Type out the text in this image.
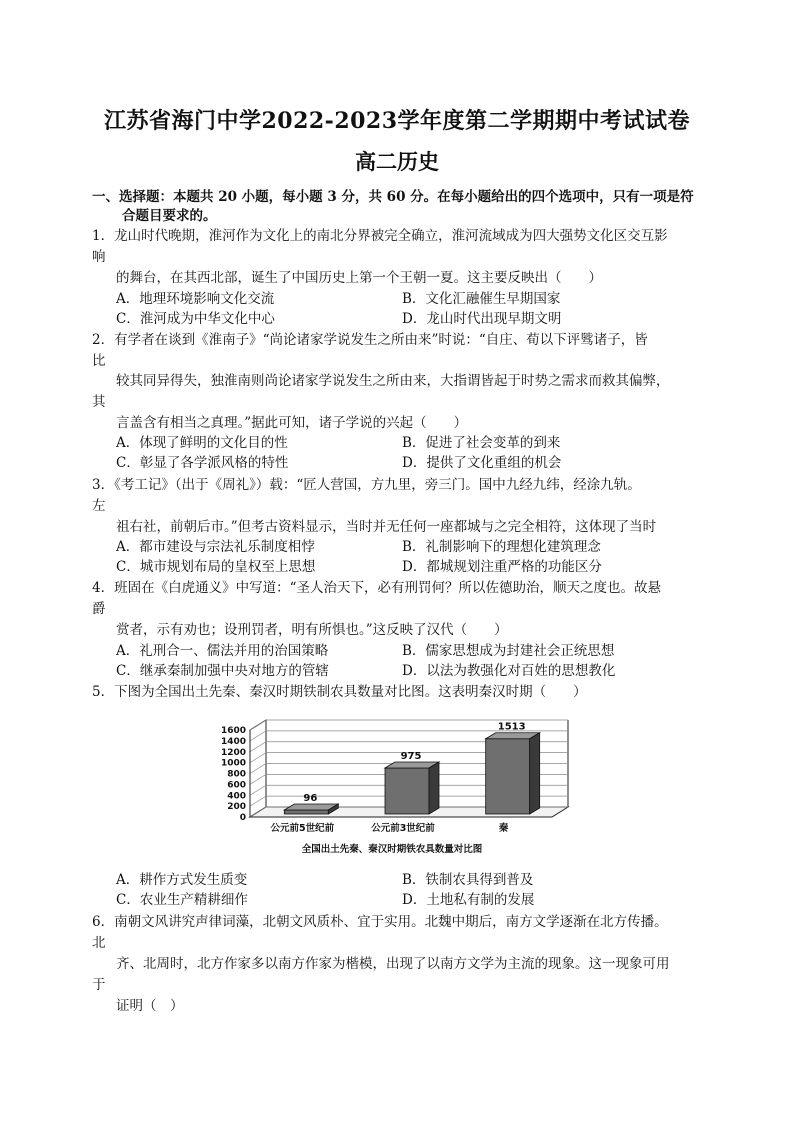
江苏省海门中学2022-2023学年度第二学期期中考试试卷
高二历史
一、选择题：本题共 20 小题，每小题 3 分，共 60 分。在每小题给出的四个选项中，只有一项是符
合题目要求的。
1．龙山时代晚期，淮河作为文化上的南北分界被完全确立，淮河流域成为四大强势文化区交互影
响
的舞台，在其西北部，诞生了中国历史上第一个王朝一夏。这主要反映出（　　）
A．地理环境影响文化交流	B．文化汇融催生早期国家
C．淮河成为中华文化中心	D．龙山时代出现早期文明
2．有学者在谈到《淮南子》“尚论诸家学说发生之所由来”时说：“自庄、荀以下评骘诸子，皆
比
较其同异得失，独淮南则尚论诸家学说发生之所由来，大指谓皆起于时势之需求而救其偏弊，
其
言盖含有相当之真理。”据此可知，诸子学说的兴起（　　）
A．体现了鲜明的文化目的性	B．促进了社会变革的到来
C．彰显了各学派风格的特性	D．提供了文化重组的机会
3．《考工记》（出于《周礼》）载：“匠人营国，方九里，旁三门。国中九经九纬，经涂九轨。
左
祖右社，前朝后市。”但考古资料显示，当时并无任何一座都城与之完全相符，这体现了当时
A．都市建设与宗法礼乐制度相悖	B．礼制影响下的理想化建筑理念
C．城市规划布局的皇权至上思想	D．都城规划注重严格的功能区分
4．班固在《白虎通义》中写道：“圣人治天下，必有刑罚何？所以佐德助治，顺天之度也。故悬
爵
赏者，示有劝也；设刑罚者，明有所惧也。”这反映了汉代（　　）
A．礼刑合一、儒法并用的治国策略	B．儒家思想成为封建社会正统思想
C．继承秦制加强中央对地方的管辖	D．以法为教强化对百姓的思想教化
5．下图为全国出土先秦、秦汉时期铁制农具数量对比图。这表明秦汉时期（　　）
0
200
400
600
800
1000
1200
1400
1600
96
公元前5世纪前
975
公元前3世纪前
1513
秦
全国出土先秦、秦汉时期铁农具数量对比图
A．耕作方式发生质变	B．铁制农具得到普及
C．农业生产精耕细作	D．土地私有制的发展
6．南朝文风讲究声律词藻，北朝文风质朴、宜于实用。北魏中期后，南方文学逐渐在北方传播。
北
齐、北周时，北方作家多以南方作家为楷模，出现了以南方文学为主流的现象。这一现象可用
于
证明（　）
